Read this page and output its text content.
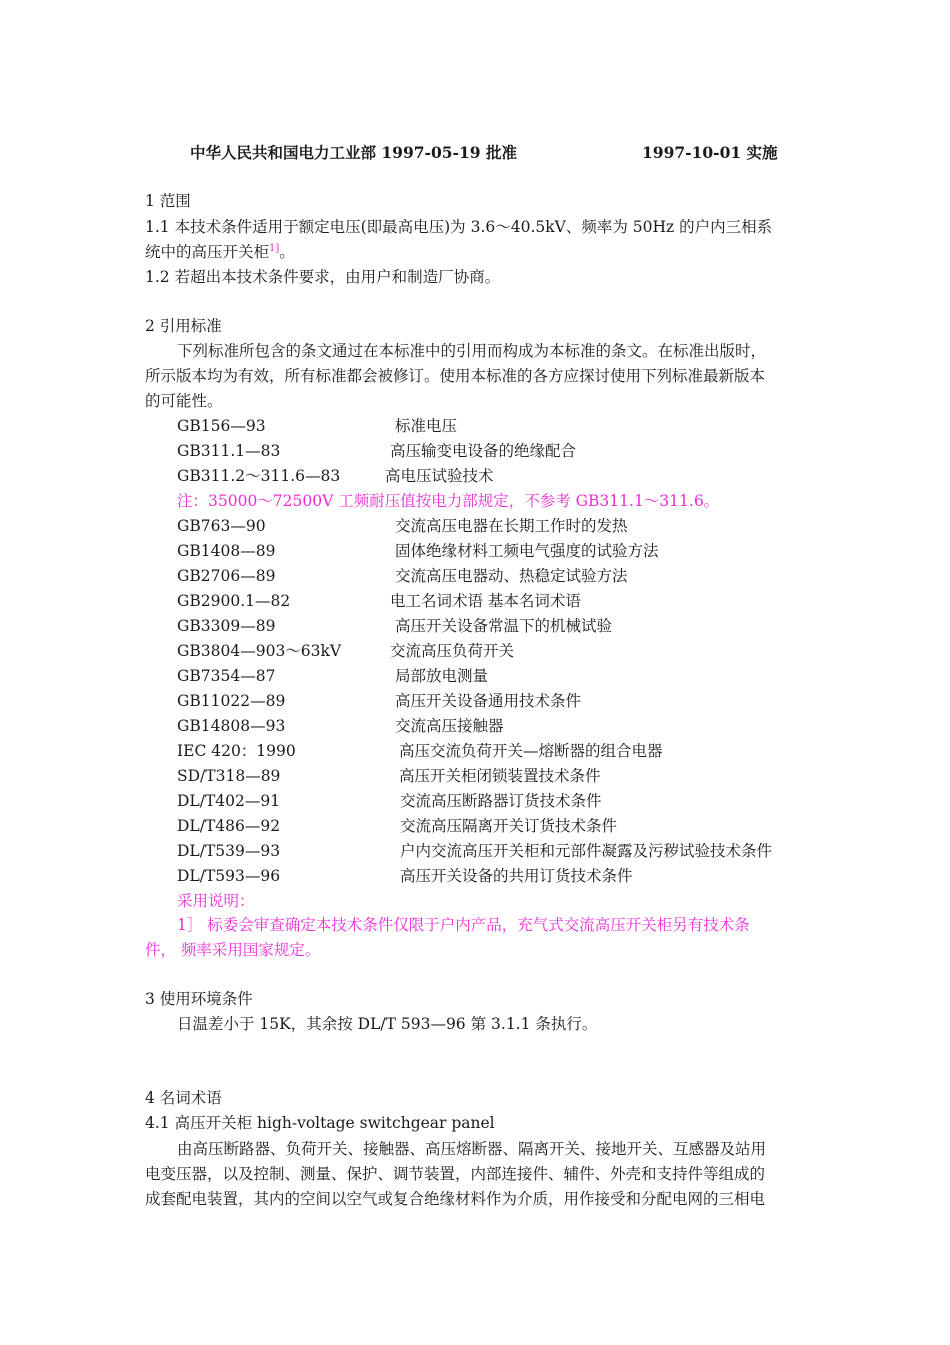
中华人民共和国电力工业部 1997-05-19 批准	1997-10-01 实施
1 范围
1.1 本技术条件适用于额定电压(即最高电压)为 3.6～40.5kV、频率为 50Hz 的户内三相系
统中的高压开关柜$^{1]}$。
1.2 若超出本技术条件要求，由用户和制造厂协商。
2 引用标准
下列标准所包含的条文通过在本标准中的引用而构成为本标准的条文。在标准出版时，
所示版本均为有效，所有标准都会被修订。使用本标准的各方应探讨使用下列标准最新版本
的可能性。
GB156—93	标准电压
GB311.1—83	高压输变电设备的绝缘配合
GB311.2～311.6—83	高电压试验技术
注：35000～72500V 工频耐压值按电力部规定，不参考 GB311.1～311.6。
GB763—90	交流高压电器在长期工作时的发热
GB1408—89	固体绝缘材料工频电气强度的试验方法
GB2706—89	交流高压电器动、热稳定试验方法
GB2900.1—82	电工名词术语 基本名词术语
GB3309—89	高压开关设备常温下的机械试验
GB3804—903～63kV	交流高压负荷开关
GB7354—87	局部放电测量
GB11022—89	高压开关设备通用技术条件
GB14808—93	交流高压接触器
IEC 420：1990	高压交流负荷开关—熔断器的组合电器
SD/T318—89	高压开关柜闭锁装置技术条件
DL/T402—91	交流高压断路器订货技术条件
DL/T486—92	交流高压隔离开关订货技术条件
DL/T539—93	户内交流高压开关柜和元部件凝露及污秽试验技术条件
DL/T593—96	高压开关设备的共用订货技术条件
采用说明：
1］ 标委会审查确定本技术条件仅限于户内产品，充气式交流高压开关柜另有技术条
件， 频率采用国家规定。
3 使用环境条件
日温差小于 15K，其余按 DL/T 593—96 第 3.1.1 条执行。
4 名词术语
4.1 高压开关柜 high-voltage switchgear panel
由高压断路器、负荷开关、接触器、高压熔断器、隔离开关、接地开关、互感器及站用
电变压器，以及控制、测量、保护、调节装置，内部连接件、辅件、外壳和支持件等组成的
成套配电装置，其内的空间以空气或复合绝缘材料作为介质，用作接受和分配电网的三相电
